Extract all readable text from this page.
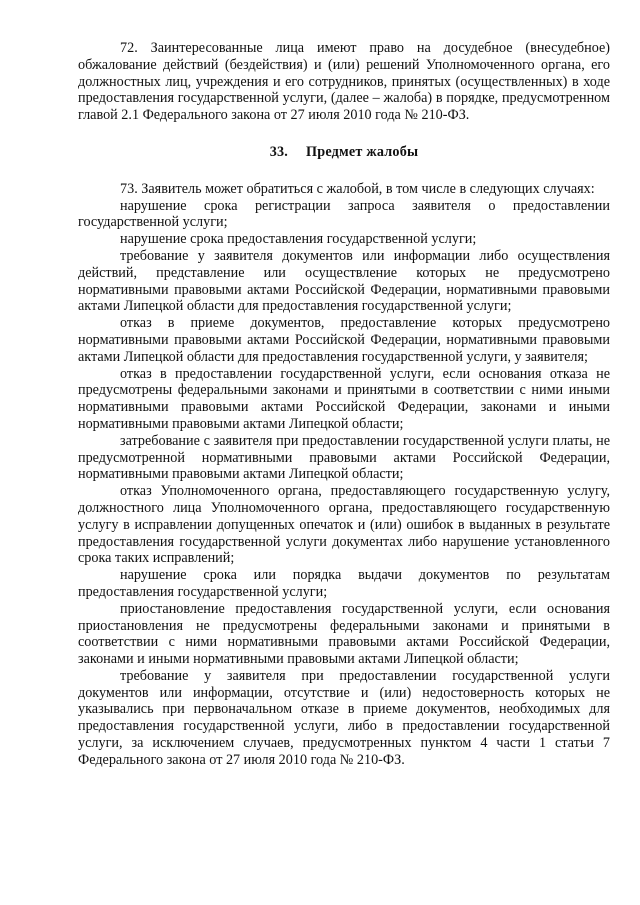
72. Заинтересованные лица имеют право на досудебное (внесудебное) обжалование действий (бездействия) и (или) решений Уполномоченного органа, его должностных лиц, учреждения и его сотрудников, принятых (осуществленных) в ходе предоставления государственной услуги, (далее – жалоба) в порядке, предусмотренном главой 2.1 Федерального закона от 27 июля 2010 года № 210-ФЗ.

33. Предмет жалобы

73. Заявитель может обратиться с жалобой, в том числе в следующих случаях:

нарушение срока регистрации запроса заявителя о предоставлении государственной услуги;

нарушение срока предоставления государственной услуги;

требование у заявителя документов или информации либо осуществления действий, представление или осуществление которых не предусмотрено нормативными правовыми актами Российской Федерации, нормативными правовыми актами Липецкой области для предоставления государственной услуги;

отказ в приеме документов, предоставление которых предусмотрено нормативными правовыми актами Российской Федерации, нормативными правовыми актами Липецкой области для предоставления государственной услуги, у заявителя;

отказ в предоставлении государственной услуги, если основания отказа не предусмотрены федеральными законами и принятыми в соответствии с ними иными нормативными правовыми актами Российской Федерации, законами и иными нормативными правовыми актами Липецкой области;

затребование с заявителя при предоставлении государственной услуги платы, не предусмотренной нормативными правовыми актами Российской Федерации, нормативными правовыми актами Липецкой области;

отказ Уполномоченного органа, предоставляющего государственную услугу, должностного лица Уполномоченного органа, предоставляющего государственную услугу в исправлении допущенных опечаток и (или) ошибок в выданных в результате предоставления государственной услуги документах либо нарушение установленного срока таких исправлений;

нарушение срока или порядка выдачи документов по результатам предоставления государственной услуги;

приостановление предоставления государственной услуги, если основания приостановления не предусмотрены федеральными законами и принятыми в соответствии с ними нормативными правовыми актами Российской Федерации, законами и иными нормативными правовыми актами Липецкой области;

требование у заявителя при предоставлении государственной услуги документов или информации, отсутствие и (или) недостоверность которых не указывались при первоначальном отказе в приеме документов, необходимых для предоставления государственной услуги, либо в предоставлении государственной услуги, за исключением случаев, предусмотренных пунктом 4 части 1 статьи 7 Федерального закона от 27 июля 2010 года № 210-ФЗ.
